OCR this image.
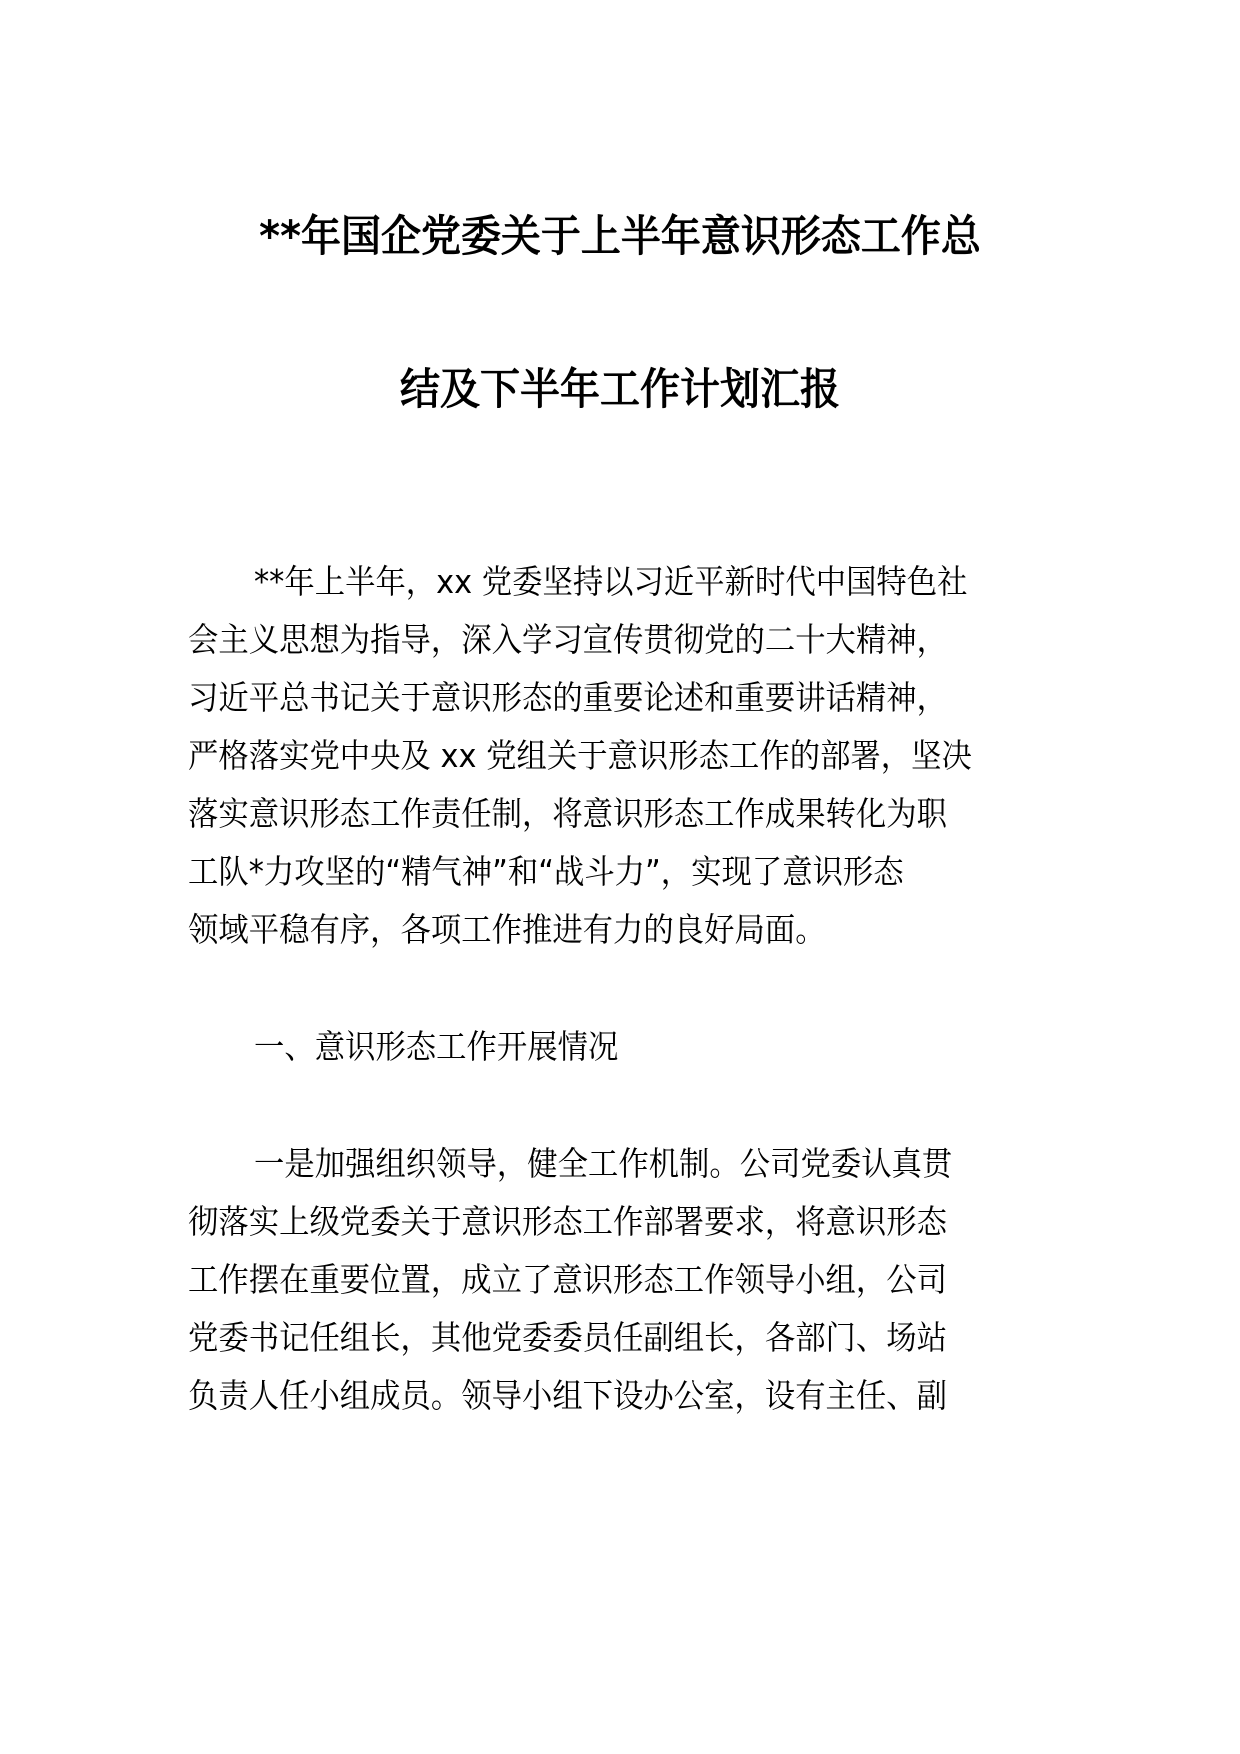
**年国企党委关于上半年意识形态工作总
结及下半年工作计划汇报
**年上半年，xx 党委坚持以习近平新时代中国特色社
会主义思想为指导，深入学习宣传贯彻党的二十大精神，
习近平总书记关于意识形态的重要论述和重要讲话精神，
严格落实党中央及 xx 党组关于意识形态工作的部署，坚决
落实意识形态工作责任制，将意识形态工作成果转化为职
工队*力攻坚的“精气神”和“战斗力”，实现了意识形态
领域平稳有序，各项工作推进有力的良好局面。
一、意识形态工作开展情况
一是加强组织领导，健全工作机制。公司党委认真贯
彻落实上级党委关于意识形态工作部署要求，将意识形态
工作摆在重要位置，成立了意识形态工作领导小组，公司
党委书记任组长，其他党委委员任副组长，各部门、场站
负责人任小组成员。领导小组下设办公室，设有主任、副
